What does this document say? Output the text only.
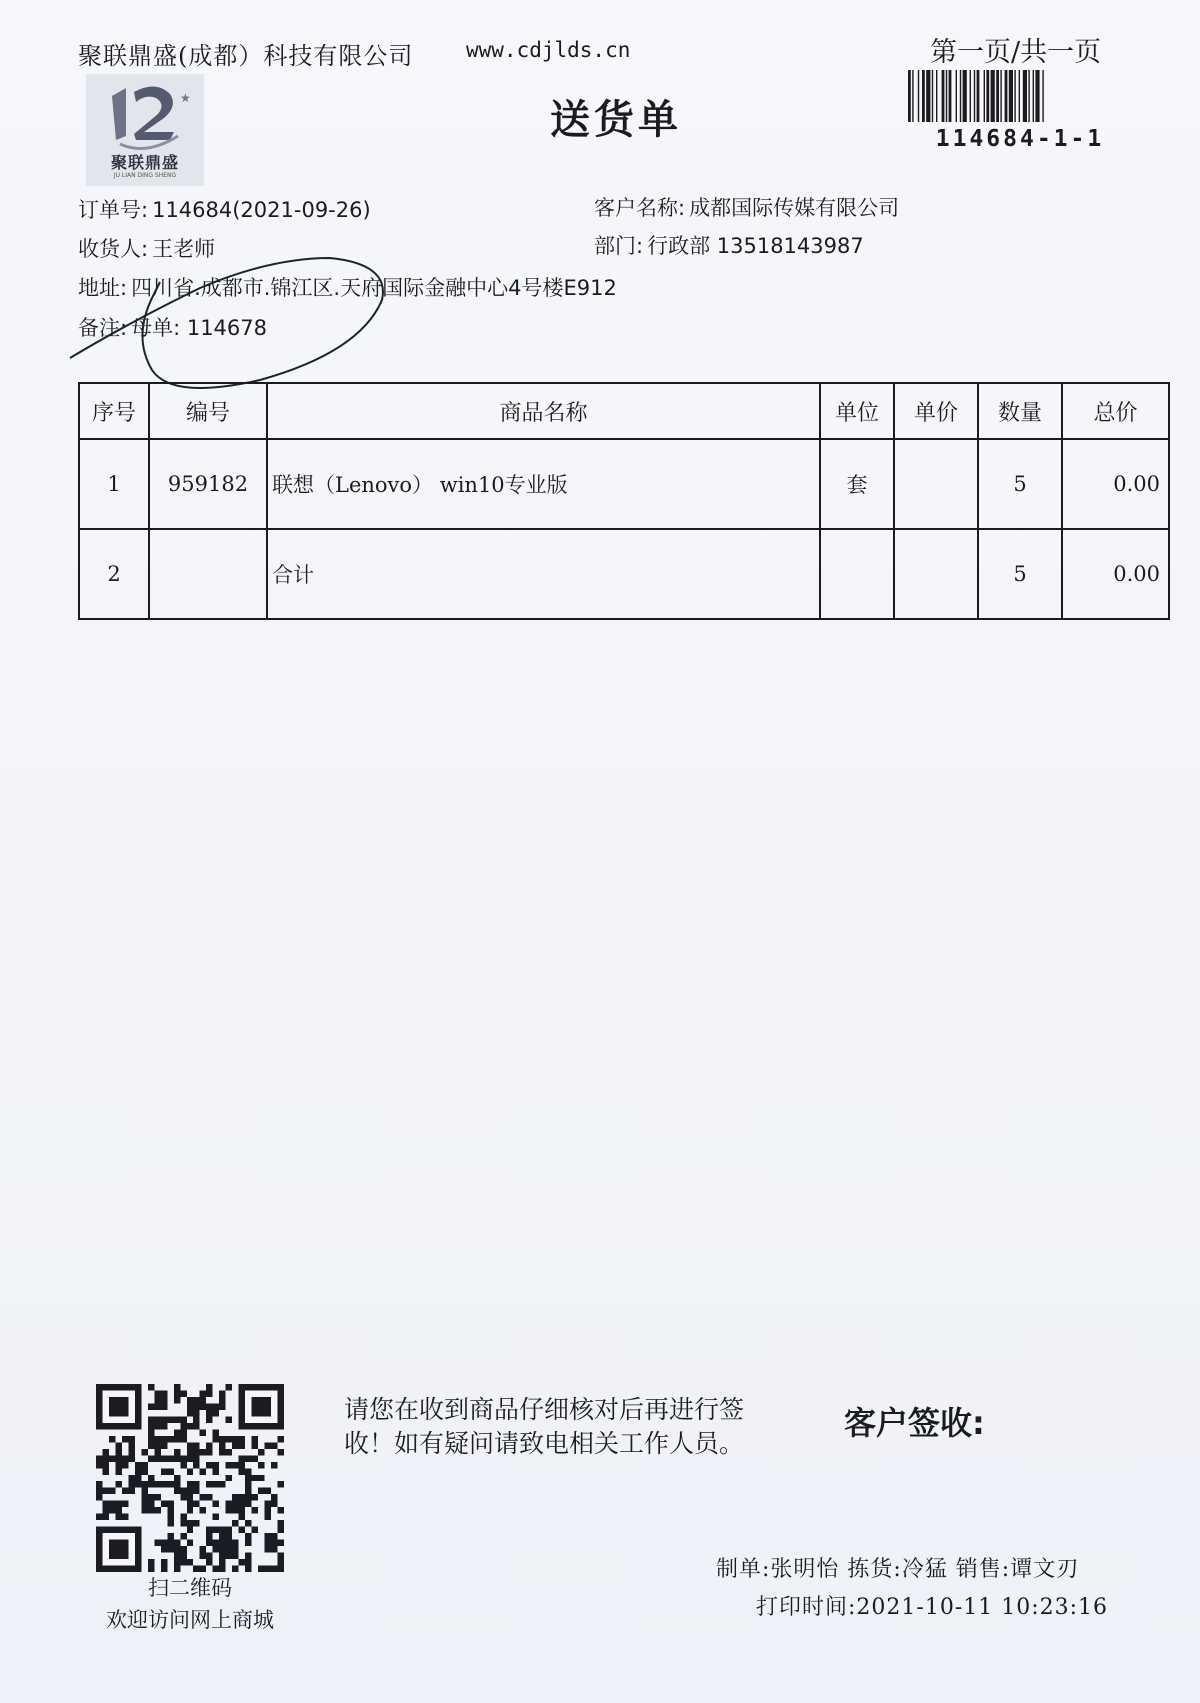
聚联鼎盛(成都）科技有限公司	www.cdjlds.cn	第一页/共一页
★
聚联鼎盛
JU LIAN DING SHENG
送货单	114684-1-1
订单号: 114684(2021-09-26)
收货人: 王老师
地址: 四川省.成都市.锦江区.天府国际金融中心4号楼E912
备注: 母单: 114678
客户名称: 成都国际传媒有限公司
部门: 行政部 13518143987
序号	编号	商品名称	单位	单价	数量	总价
1	959182	联想（Lenovo） win10专业版	套		5	0.00
2		合计			5	0.00
扫二维码
欢迎访问网上商城
请您在收到商品仔细核对后再进行签收！如有疑问请致电相关工作人员。
客户签收:
制单:张明怡 拣货:冷猛 销售:谭文刃
打印时间:2021-10-11 10:23:16
